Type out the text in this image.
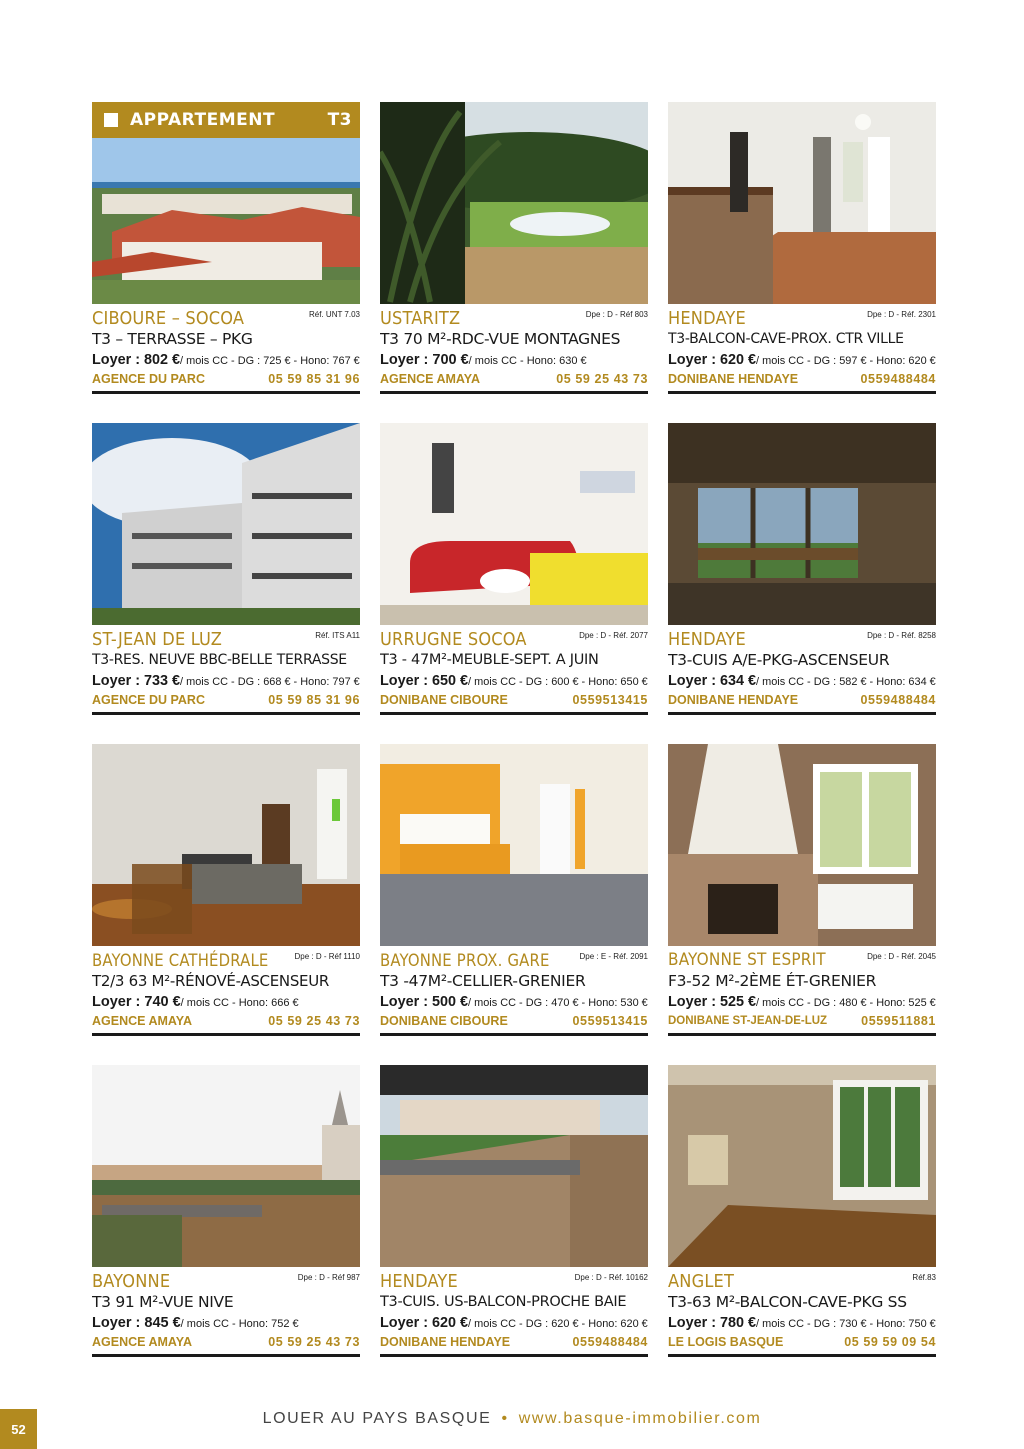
APPARTEMENT	T3
CIBOURE – SOCOA	Réf. UNT 7.03
T3 – TERRASSE – PKG
Loyer : 802 €/ mois CC - DG : 725 € - Hono: 767 €
AGENCE DU PARC	05 59 85 31 96
USTARITZ	Dpe : D - Réf 803
T3 70 M²-RDC-VUE MONTAGNES
Loyer : 700 €/ mois CC - Hono: 630 €
AGENCE AMAYA	05 59 25 43 73
HENDAYE	Dpe : D - Réf. 2301
T3-BALCON-CAVE-PROX. CTR VILLE
Loyer : 620 €/ mois CC - DG : 597 € - Hono: 620 €
DONIBANE HENDAYE	0559488484
ST-JEAN DE LUZ	Réf. ITS A11
T3-RES. NEUVE BBC-BELLE TERRASSE
Loyer : 733 €/ mois CC - DG : 668 € - Hono: 797 €
AGENCE DU PARC	05 59 85 31 96
URRUGNE SOCOA	Dpe : D - Réf. 2077
T3 - 47M²-MEUBLE-SEPT. A JUIN
Loyer : 650 €/ mois CC - DG : 600 € - Hono: 650 €
DONIBANE CIBOURE	0559513415
HENDAYE	Dpe : D - Réf. 8258
T3-CUIS A/E-PKG-ASCENSEUR
Loyer : 634 €/ mois CC - DG : 582 € - Hono: 634 €
DONIBANE HENDAYE	0559488484
BAYONNE CATHÉDRALE	Dpe : D - Réf 1110
T2/3 63 M²-RÉNOVÉ-ASCENSEUR
Loyer : 740 €/ mois CC - Hono: 666 €
AGENCE AMAYA	05 59 25 43 73
BAYONNE PROX. GARE	Dpe : E - Réf. 2091
T3 -47M²-CELLIER-GRENIER
Loyer : 500 €/ mois CC - DG : 470 € - Hono: 530 €
DONIBANE CIBOURE	0559513415
BAYONNE ST ESPRIT	Dpe : D - Réf. 2045
F3-52 M²-2ÈME ÉT-GRENIER
Loyer : 525 €/ mois CC - DG : 480 € - Hono: 525 €
DONIBANE ST-JEAN-DE-LUZ	0559511881
BAYONNE	Dpe : D - Réf 987
T3 91 M²-VUE NIVE
Loyer : 845 €/ mois CC - Hono: 752 €
AGENCE AMAYA	05 59 25 43 73
HENDAYE	Dpe : D - Réf. 10162
T3-CUIS. US-BALCON-PROCHE BAIE
Loyer : 620 €/ mois CC - DG : 620 € - Hono: 620 €
DONIBANE HENDAYE	0559488484
ANGLET	Réf.83
T3-63 M²-BALCON-CAVE-PKG SS
Loyer : 780 €/ mois CC - DG : 730 € - Hono: 750 €
LE LOGIS BASQUE	05 59 59 09 54
52
LOUER AU PAYS BASQUE • www.basque-immobilier.com
